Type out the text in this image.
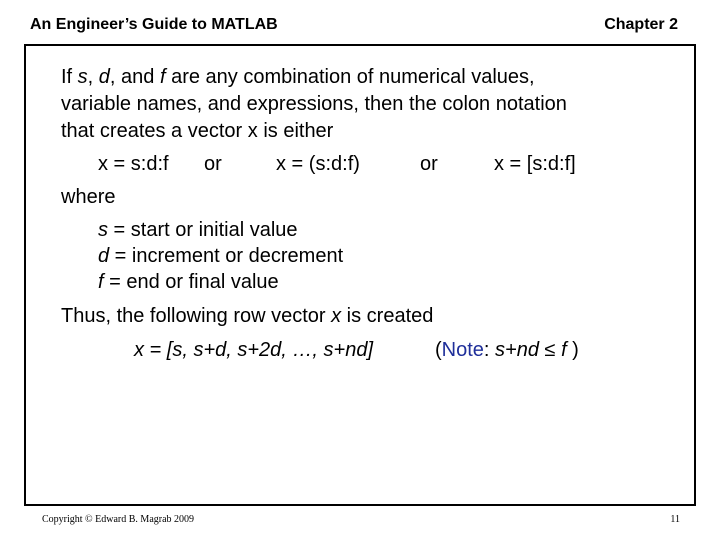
An Engineer’s Guide to MATLAB	Chapter 2
If s, d, and f are any combination of numerical values,
variable names, and expressions, then the colon notation
that creates a vector x is either
x = s:d:f or	x = (s:d:f)	or	x = [s:d:f]
where
s = start or initial value
d = increment or decrement
f = end or final value
Thus, the following row vector x is created
x = [s, s+d, s+2d, …, s+nd]	(Note: s+nd ≤ f )
Copyright © Edward B. Magrab 2009	11
